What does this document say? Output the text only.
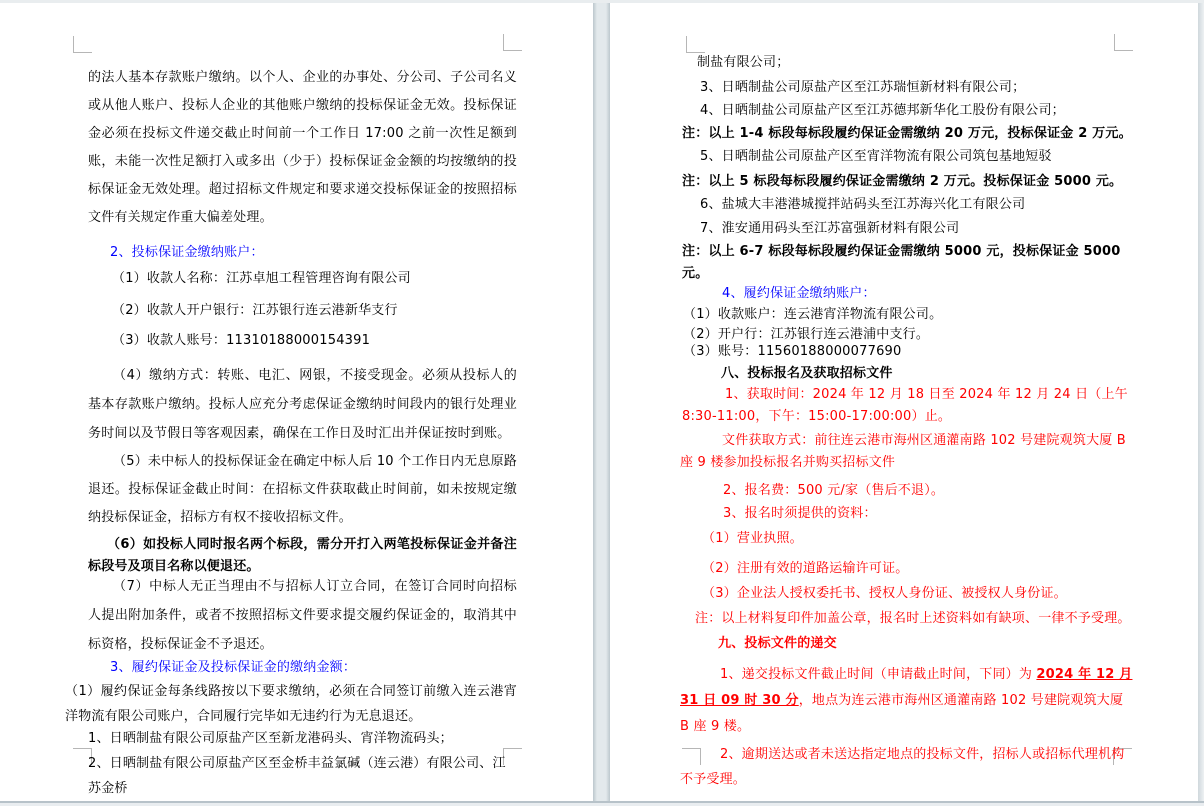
的法人基本存款账户缴纳。以个人、企业的办事处、分公司、子公司名义或从他人账户、投标人企业的其他账户缴纳的投标保证金无效。投标保证金必须在投标文件递交截止时间前一个工作日 17:00 之前一次性足额到账，未能一次性足额打入或多出（少于）投标保证金金额的均按缴纳的投标保证金无效处理。超过招标文件规定和要求递交投标保证金的按照招标文件有关规定作重大偏差处理。
2、投标保证金缴纳账户：
（1）收款人名称：江苏卓旭工程管理咨询有限公司
（2）收款人开户银行：江苏银行连云港新华支行
（3）收款人账号：11310188000154391
（4）缴纳方式：转账、电汇、网银，不接受现金。必须从投标人的基本存款账户缴纳。投标人应充分考虑保证金缴纳时间段内的银行处理业务时间以及节假日等客观因素，确保在工作日及时汇出并保证按时到账。
（5）未中标人的投标保证金在确定中标人后 10 个工作日内无息原路退还。投标保证金截止时间：在招标文件获取截止时间前，如未按规定缴纳投标保证金，招标方有权不接收招标文件。
（6）如投标人同时报名两个标段，需分开打入两笔投标保证金并备注标段号及项目名称以便退还。
（7）中标人无正当理由不与招标人订立合同，在签订合同时向招标人提出附加条件，或者不按照招标文件要求提交履约保证金的，取消其中标资格，投标保证金不予退还。
3、履约保证金及投标保证金的缴纳金额：
（1）履约保证金每条线路按以下要求缴纳，必须在合同签订前缴入连云港宵洋物流有限公司账户，合同履行完毕如无违约行为无息退还。
1、日晒制盐有限公司原盐产区至新龙港码头、宵洋物流码头；
2、日晒制盐有限公司原盐产区至金桥丰益氯碱（连云港）有限公司、江苏金桥
制盐有限公司；
3、日晒制盐公司原盐产区至江苏瑞恒新材料有限公司；
4、日晒制盐公司原盐产区至江苏德邦新华化工股份有限公司；
注：以上 1-4 标段每标段履约保证金需缴纳 20 万元，投标保证金 2 万元。
5、日晒制盐公司原盐产区至宵洋物流有限公司筑包基地短驳
注：以上 5 标段每标段履约保证金需缴纳 2 万元。投标保证金 5000 元。
6、盐城大丰港港城搅拌站码头至江苏海兴化工有限公司
7、淮安通用码头至江苏富强新材料有限公司
注：以上 6-7 标段每标段履约保证金需缴纳 5000 元，投标保证金 5000 元。
4、履约保证金缴纳账户：
（1）收款账户：连云港宵洋物流有限公司。
（2）开户行：江苏银行连云港浦中支行。
（3）账号：11560188000077690
八、投标报名及获取招标文件
1、获取时间：2024 年 12 月 18 日至 2024 年 12 月 24 日（上午 8:30-11:00，下午：15:00-17:00:00）止。
文件获取方式：前往连云港市海州区通灌南路 102 号建院观筑大厦 B 座 9 楼参加投标报名并购买招标文件
2、报名费：500 元/家（售后不退）。
3、报名时须提供的资料：
（1）营业执照。
（2）注册有效的道路运输许可证。
（3）企业法人授权委托书、授权人身份证、被授权人身份证。
注：以上材料复印件加盖公章，报名时上述资料如有缺项、一律不予受理。
九、投标文件的递交
1、递交投标文件截止时间（申请截止时间，下同）为 2024 年 12 月 31 日 09 时 30 分，地点为连云港市海州区通灌南路 102 号建院观筑大厦 B 座 9 楼。
2、逾期送达或者未送达指定地点的投标文件，招标人或招标代理机构不予受理。
